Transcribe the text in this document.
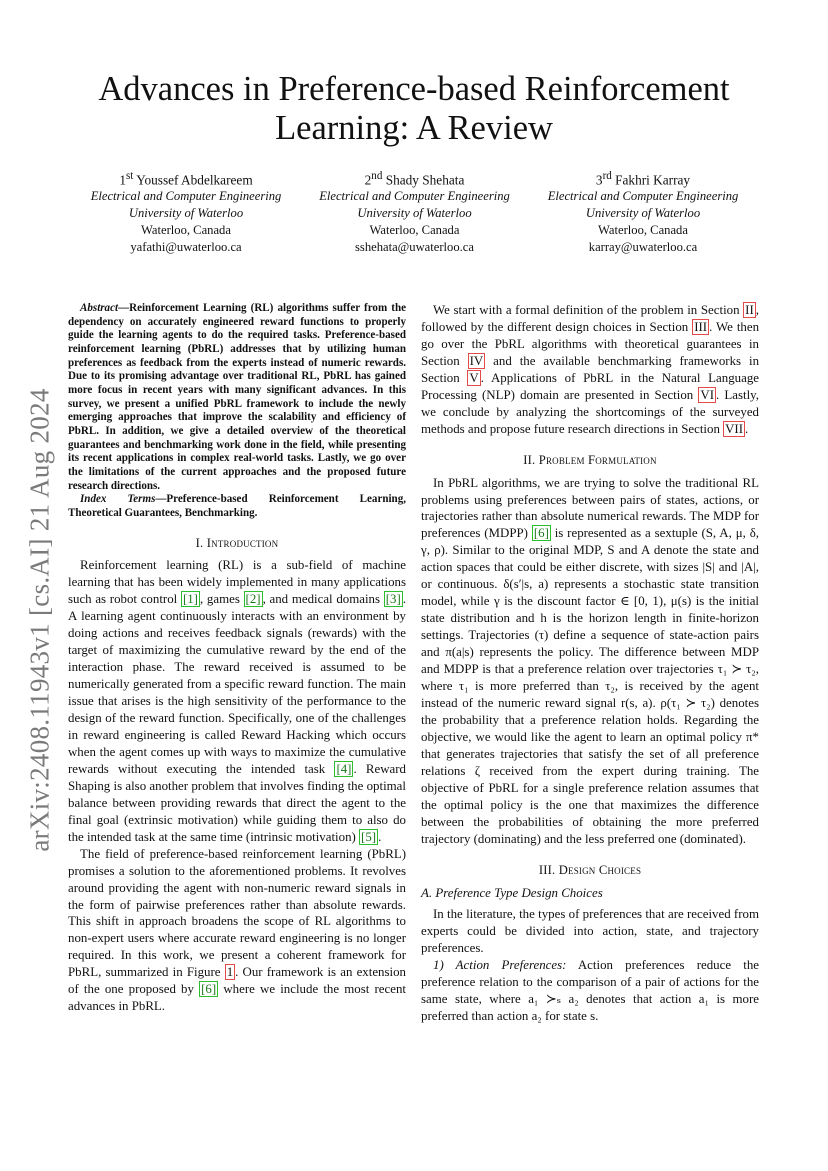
arXiv:2408.11943v1 [cs.AI] 21 Aug 2024
Advances in Preference-based Reinforcement
Learning: A Review
1st Youssef Abdelkareem
Electrical and Computer Engineering
University of Waterloo
Waterloo, Canada
yafathi@uwaterloo.ca
2nd Shady Shehata
Electrical and Computer Engineering
University of Waterloo
Waterloo, Canada
sshehata@uwaterloo.ca
3rd Fakhri Karray
Electrical and Computer Engineering
University of Waterloo
Waterloo, Canada
karray@uwaterloo.ca

Abstract—Reinforcement Learning (RL) algorithms suffer from the dependency on accurately engineered reward functions to properly guide the learning agents to do the required tasks. Preference-based reinforcement learning (PbRL) addresses that by utilizing human preferences as feedback from the experts instead of numeric rewards. Due to its promising advantage over traditional RL, PbRL has gained more focus in recent years with many significant advances. In this survey, we present a unified PbRL framework to include the newly emerging approaches that improve the scalability and efficiency of PbRL. In addition, we give a detailed overview of the theoretical guarantees and benchmarking work done in the field, while presenting its recent applications in complex real-world tasks. Lastly, we go over the limitations of the current approaches and the proposed future research directions.

Index Terms—Preference-based Reinforcement Learning, Theoretical Guarantees, Benchmarking.

I. Introduction

Reinforcement learning (RL) is a sub-field of machine learning that has been widely implemented in many applications such as robot control [1] , games [2] , and medical domains [3] . A learning agent continuously interacts with an environment by doing actions and receives feedback signals (rewards) with the target of maximizing the cumulative reward by the end of the interaction phase. The reward received is assumed to be numerically generated from a specific reward function. The main issue that arises is the high sensitivity of the performance to the design of the reward function. Specifically, one of the challenges in reward engineering is called Reward Hacking which occurs when the agent comes up with ways to maximize the cumulative rewards without executing the intended task [4] . Reward Shaping is also another problem that involves finding the optimal balance between providing rewards that direct the agent to the final goal (extrinsic motivation) while guiding them to also do the intended task at the same time (intrinsic motivation) [5] .

The field of preference-based reinforcement learning (PbRL) promises a solution to the aforementioned problems. It revolves around providing the agent with non-numeric reward signals in the form of pairwise preferences rather than absolute rewards. This shift in approach broadens the scope of RL algorithms to non-expert users where accurate reward engineering is no longer required. In this work, we present a coherent framework for PbRL, summarized in Figure 1 . Our framework is an extension of the one proposed by [6] where we include the most recent advances in PbRL.

We start with a formal definition of the problem in Section II , followed by the different design choices in Section III . We then go over the PbRL algorithms with theoretical guarantees in Section IV and the available benchmarking frameworks in Section V . Applications of PbRL in the Natural Language Processing (NLP) domain are presented in Section VI . Lastly, we conclude by analyzing the shortcomings of the surveyed methods and propose future research directions in Section VII .

II. Problem Formulation

In PbRL algorithms, we are trying to solve the traditional RL problems using preferences between pairs of states, actions, or trajectories rather than absolute numerical rewards. The MDP for preferences (MDPP) [6] is represented as a sextuple (S, A, μ, δ, γ, ρ). Similar to the original MDP, S and A denote the state and action spaces that could be either discrete, with sizes |S| and |A|, or continuous. δ(s′|s, a) represents a stochastic state transition model, while γ is the discount factor ∈ [0, 1), μ(s) is the initial state distribution and h is the horizon length in finite-horizon settings. Trajectories (τ) define a sequence of state-action pairs and π(a|s) represents the policy. The difference between MDP and MDPP is that a preference relation over trajectories τ₁ ≻ τ₂, where τ₁ is more preferred than τ₂, is received by the agent instead of the numeric reward signal r(s, a). ρ(τ₁ ≻ τ₂) denotes the probability that a preference relation holds. Regarding the objective, we would like the agent to learn an optimal policy π* that generates trajectories that satisfy the set of all preference relations ζ received from the expert during training. The objective of PbRL for a single preference relation assumes that the optimal policy is the one that maximizes the difference between the probabilities of obtaining the more preferred trajectory (dominating) and the less preferred one (dominated).

III. Design Choices
A. Preference Type Design Choices

In the literature, the types of preferences that are received from experts could be divided into action, state, and trajectory preferences.

1) Action Preferences: Action preferences reduce the preference relation to the comparison of a pair of actions for the same state, where a₁ ≻ₛ a₂ denotes that action a₁ is more preferred than action a₂ for state s.
